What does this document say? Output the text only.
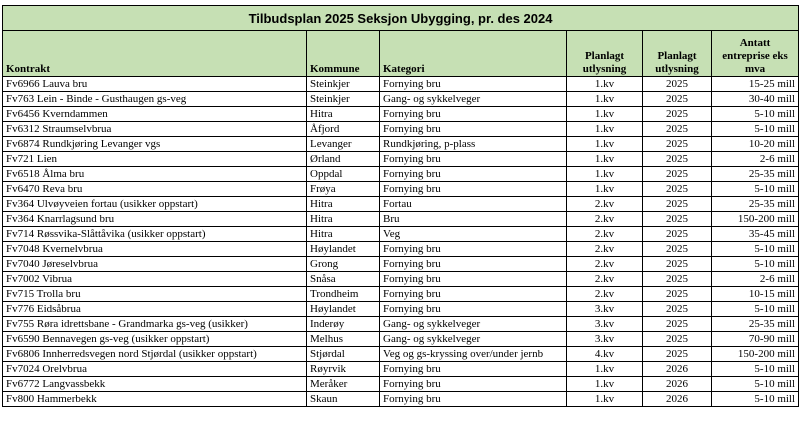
Tilbudsplan 2025 Seksjon Ubygging, pr. des 2024					
Kontrakt	Kommune	Kategori	Planlagt utlysning	Planlagt utlysning	Antatt entreprise eks mva
Fv6966 Lauva bru	Steinkjer	Fornying bru	1.kv	2025	15-25 mill
Fv763 Lein - Binde - Gusthaugen gs-veg	Steinkjer	Gang- og sykkelveger	1.kv	2025	30-40 mill
Fv6456 Kverndammen	Hitra	Fornying bru	1.kv	2025	5-10 mill
Fv6312 Straumselvbrua	Åfjord	Fornying bru	1.kv	2025	5-10 mill
Fv6874 Rundkjøring Levanger vgs	Levanger	Rundkjøring, p-plass	1.kv	2025	10-20 mill
Fv721 Lien	Ørland	Fornying bru	1.kv	2025	2-6 mill
Fv6518 Ålma bru	Oppdal	Fornying bru	1.kv	2025	25-35 mill
Fv6470 Reva bru	Frøya	Fornying bru	1.kv	2025	5-10 mill
Fv364 Ulvøyveien fortau (usikker oppstart)	Hitra	Fortau	2.kv	2025	25-35 mill
Fv364 Knarrlagsund bru	Hitra	Bru	2.kv	2025	150-200 mill
Fv714 Røssvika-Slåttåvika (usikker oppstart)	Hitra	Veg	2.kv	2025	35-45 mill
Fv7048 Kvernelvbrua	Høylandet	Fornying bru	2.kv	2025	5-10 mill
Fv7040 Jøreselvbrua	Grong	Fornying bru	2.kv	2025	5-10 mill
Fv7002 Vibrua	Snåsa	Fornying bru	2.kv	2025	2-6 mill
Fv715 Trolla bru	Trondheim	Fornying bru	2.kv	2025	10-15 mill
Fv776 Eidsåbrua	Høylandet	Fornying bru	3.kv	2025	5-10 mill
Fv755 Røra idrettsbane - Grandmarka gs-veg (usikker)	Inderøy	Gang- og sykkelveger	3.kv	2025	25-35 mill
Fv6590 Bennavegen gs-veg (usikker oppstart)	Melhus	Gang- og sykkelveger	3.kv	2025	70-90 mill
Fv6806 Innherredsvegen nord Stjørdal (usikker oppstart)	Stjørdal	Veg og gs-kryssing over/under jernb	4.kv	2025	150-200 mill
Fv7024 Orelvbrua	Røyrvik	Fornying bru	1.kv	2026	5-10 mill
Fv6772 Langvassbekk	Meråker	Fornying bru	1.kv	2026	5-10 mill
Fv800 Hammerbekk	Skaun	Fornying bru	1.kv	2026	5-10 mill
